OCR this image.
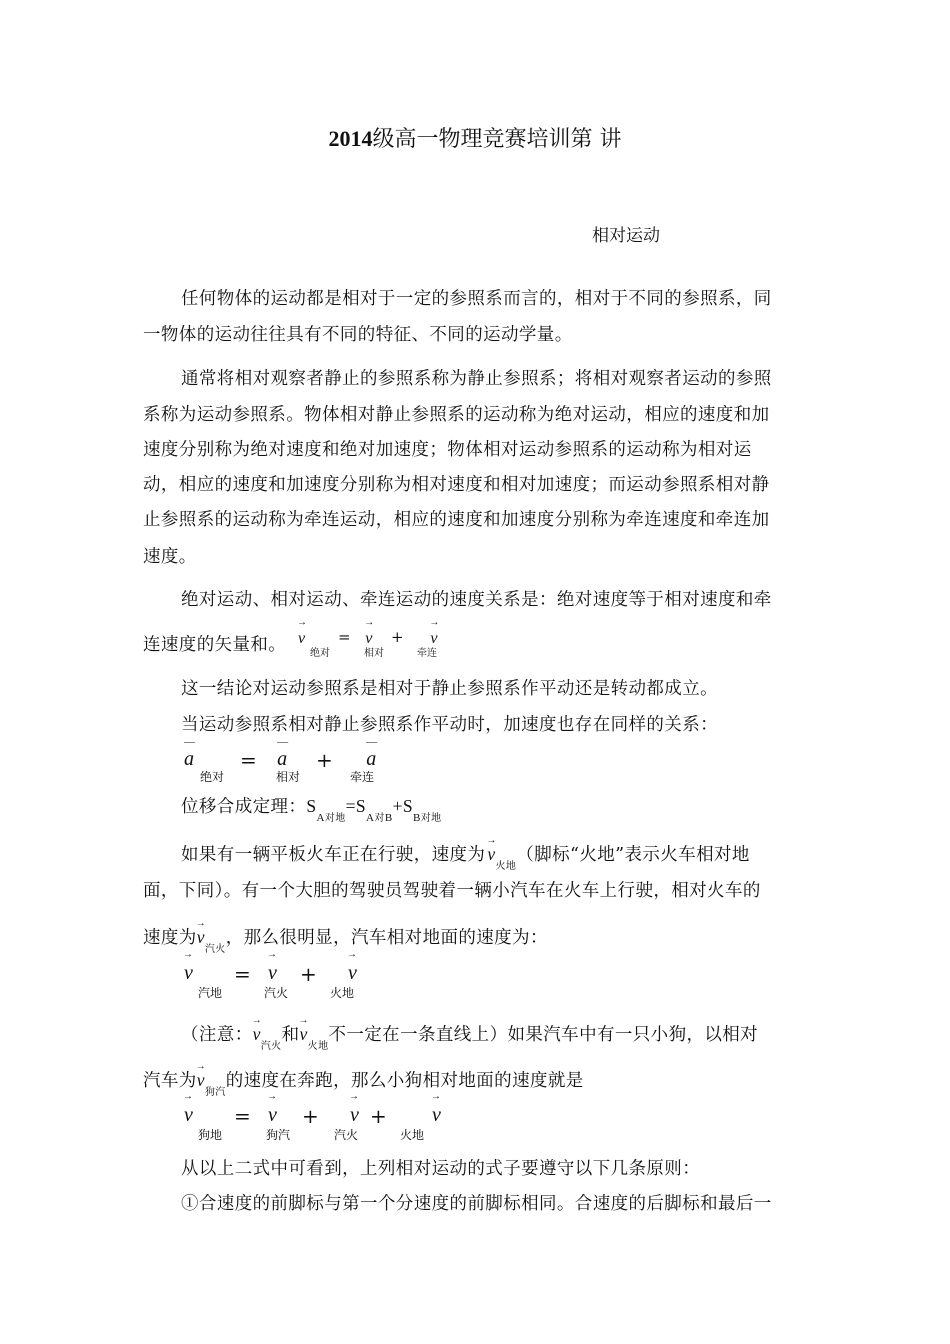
2014级高一物理竞赛培训第 讲
相对运动
任何物体的运动都是相对于一定的参照系而言的，相对于不同的参照系，同
一物体的运动往往具有不同的特征、不同的运动学量。
通常将相对观察者静止的参照系称为静止参照系；将相对观察者运动的参照
系称为运动参照系。物体相对静止参照系的运动称为绝对运动，相应的速度和加
速度分别称为绝对速度和绝对加速度；物体相对运动参照系的运动称为相对运
动，相应的速度和加速度分别称为相对速度和相对加速度；而运动参照系相对静
止参照系的运动称为牵连运动，相应的速度和加速度分别称为牵连速度和牵连加
速度。
绝对运动、相对运动、牵连运动的速度关系是：绝对速度等于相对速度和牵
连速度的矢量和。 → v
绝对
= → v
相对
+ → v
牵连
这一结论对运动参照系是相对于静止参照系作平动还是转动都成立。
当运动参照系相对静止参照系作平动时，加速度也存在同样的关系：
— a
绝对
= — a
相对
+ — a
牵连
位移合成定理：$S_{A对地}=S_{A对B}+S_{B对地}$
如果有一辆平板火车正在行驶，速度为 → $v_{火地}$（脚标“火地”表示火车相对地
面，下同）。有一个大胆的驾驶员驾驶着一辆小汽车在火车上行驶，相对火车的
速度为→ $v_{汽火}$，那么很明显，汽车相对地面的速度为：
→ v
汽地
= → v
汽火
+ → v
火地
（注意：→ $v_{汽火}$和→ $v_{火地}$不一定在一条直线上）如果汽车中有一只小狗，以相对
汽车为→ $v_{狗汽}$的速度在奔跑，那么小狗相对地面的速度就是
→ v
狗地
= → v
狗汽
+ → v
汽火
+ → v
火地
从以上二式中可看到，上列相对运动的式子要遵守以下几条原则：
①合速度的前脚标与第一个分速度的前脚标相同。合速度的后脚标和最后一
